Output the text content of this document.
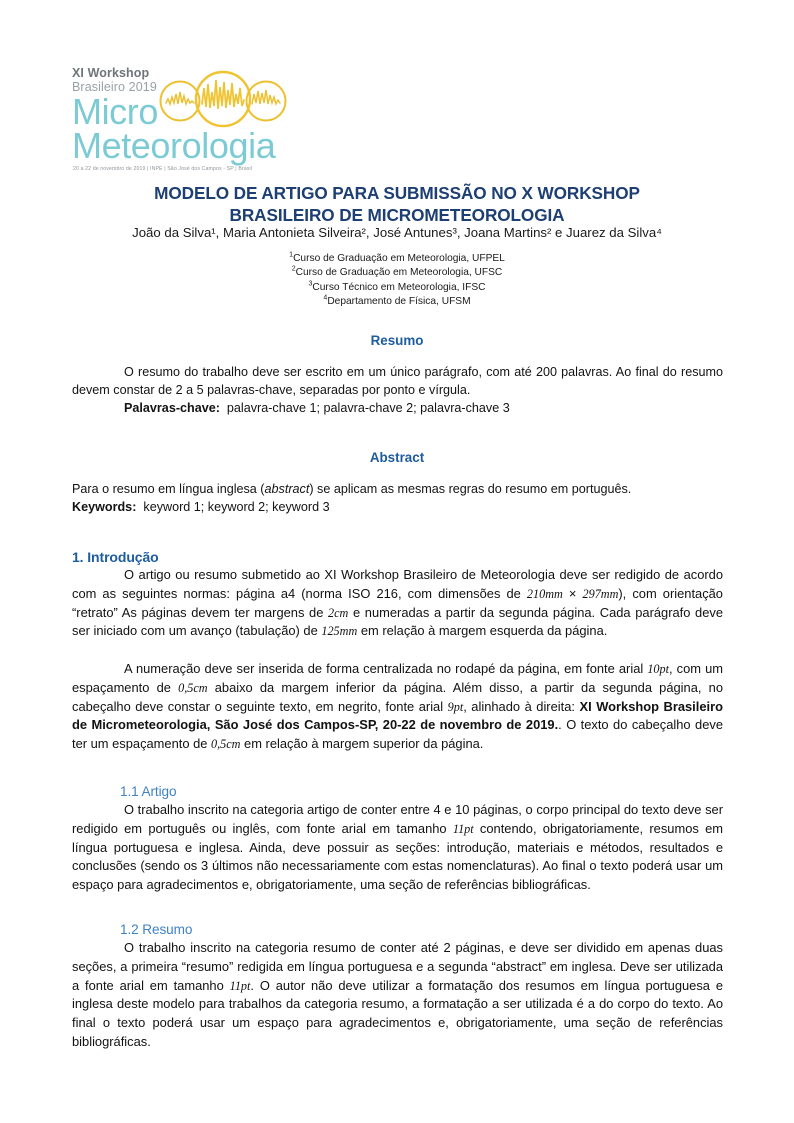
XI Workshop
Brasileiro 2019
Micro
Meteorologia
20 a 22 de novembro de 2019 | INPE | São José dos Campos - SP | Brasil
MODELO DE ARTIGO PARA SUBMISSÃO NO X WORKSHOP
BRASILEIRO DE MICROMETEOROLOGIA
João da Silva¹, Maria Antonieta Silveira², José Antunes³, Joana Martins² e Juarez da Silva⁴
$^1$Curso de Graduação em Meteorologia, UFPEL
$^2$Curso de Graduação em Meteorologia, UFSC
$^3$Curso Técnico em Meteorologia, IFSC
$^4$Departamento de Física, UFSM
Resumo

O resumo do trabalho deve ser escrito em um único parágrafo, com até 200 palavras. Ao final do resumo devem constar de 2 a 5 palavras-chave, separadas por ponto e vírgula.

Palavras-chave: palavra-chave 1; palavra-chave 2; palavra-chave 3

Abstract

Para o resumo em língua inglesa (abstract) se aplicam as mesmas regras do resumo em português.

Keywords: keyword 1; keyword 2; keyword 3

1. Introdução

O artigo ou resumo submetido ao XI Workshop Brasileiro de Meteorologia deve ser redigido de acordo com as seguintes normas: página a4 (norma ISO 216, com dimensões de 210mm × 297mm), com orientação “retrato” As páginas devem ter margens de 2cm e numeradas a partir da segunda página. Cada parágrafo deve ser iniciado com um avanço (tabulação) de 125mm em relação à margem esquerda da página.

A numeração deve ser inserida de forma centralizada no rodapé da página, em fonte arial 10pt, com um espaçamento de 0,5cm abaixo da margem inferior da página. Além disso, a partir da segunda página, no cabeçalho deve constar o seguinte texto, em negrito, fonte arial 9pt, alinhado à direita: XI Workshop Brasileiro de Micrometeorologia, São José dos Campos-SP, 20-22 de novembro de 2019.. O texto do cabeçalho deve ter um espaçamento de 0,5cm em relação à margem superior da página.

1.1 Artigo

O trabalho inscrito na categoria artigo de conter entre 4 e 10 páginas, o corpo principal do texto deve ser redigido em português ou inglês, com fonte arial em tamanho 11pt contendo, obrigatoriamente, resumos em língua portuguesa e inglesa. Ainda, deve possuir as seções: introdução, materiais e métodos, resultados e conclusões (sendo os 3 últimos não necessariamente com estas nomenclaturas). Ao final o texto poderá usar um espaço para agradecimentos e, obrigatoriamente, uma seção de referências bibliográficas.

1.2 Resumo

O trabalho inscrito na categoria resumo de conter até 2 páginas, e deve ser dividido em apenas duas seções, a primeira “resumo” redigida em língua portuguesa e a segunda “abstract” em inglesa. Deve ser utilizada a fonte arial em tamanho 11pt. O autor não deve utilizar a formatação dos resumos em língua portuguesa e inglesa deste modelo para trabalhos da categoria resumo, a formatação a ser utilizada é a do corpo do texto. Ao final o texto poderá usar um espaço para agradecimentos e, obrigatoriamente, uma seção de referências bibliográficas.
